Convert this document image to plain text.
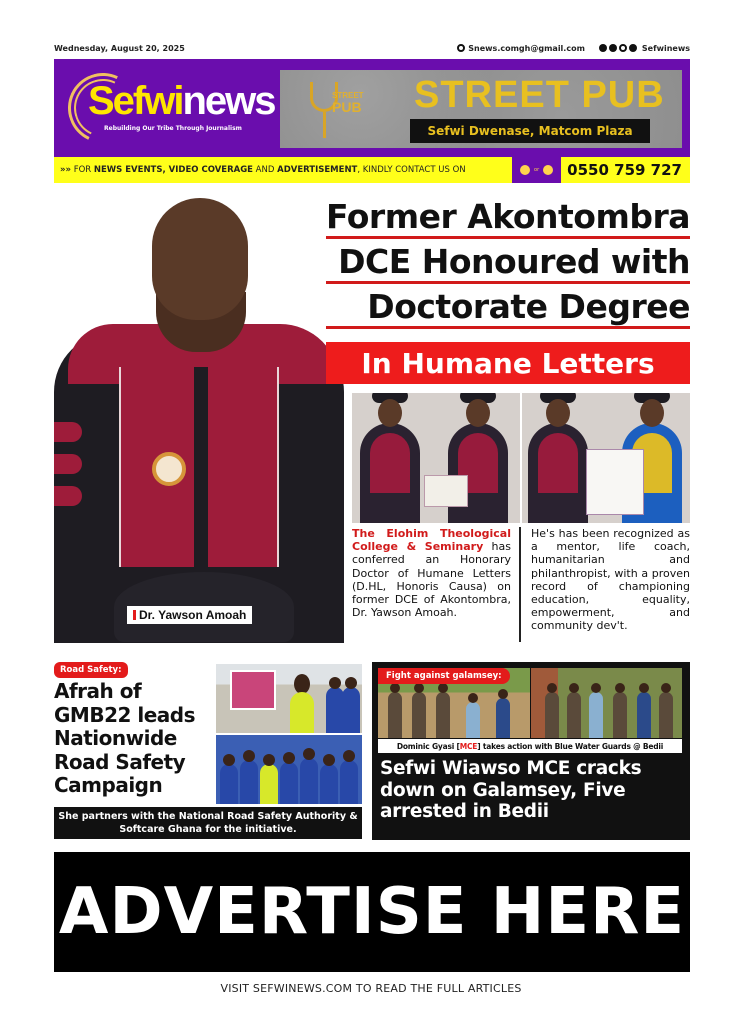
Wednesday, August 20, 2025	Snews.comgh@gmail.com	Sefwinews
Sefwinews
Rebuilding Our Tribe Through Journalism
STREET
PUB STREET PUB
Sefwi Dwenase, Matcom Plaza
»» FOR NEWS EVENTS, VIDEO COVERAGE AND ADVERTISEMENT, KINDLY CONTACT US ON	or	0550 759 727
Dr. Yawson Amoah
Former Akontombra
DCE Honoured with
Doctorate Degree
In Humane Letters
The Elohim Theological College & Seminary has conferred an Honorary Doctor of Humane Letters (D.HL, Honoris Causa) on former DCE of Akontombra, Dr. Yawson Amoah.
He's has been recognized as a mentor, life coach, humanitarian and philanthropist, with a proven record of championing education, equality, empowerment, and community dev't.
Road Safety:
Afrah of GMB22 leads Nationwide Road Safety Campaign
She partners with the National Road Safety Authority & Softcare Ghana for the initiative.
Fight against galamsey:
Dominic Gyasi [ MCE ] takes action with Blue Water Guards @ Bedii
Sefwi Wiawso MCE cracks down on Galamsey, Five arrested in Bedii
ADVERTISE HERE
VISIT SEFWINEWS.COM TO READ THE FULL ARTICLES
